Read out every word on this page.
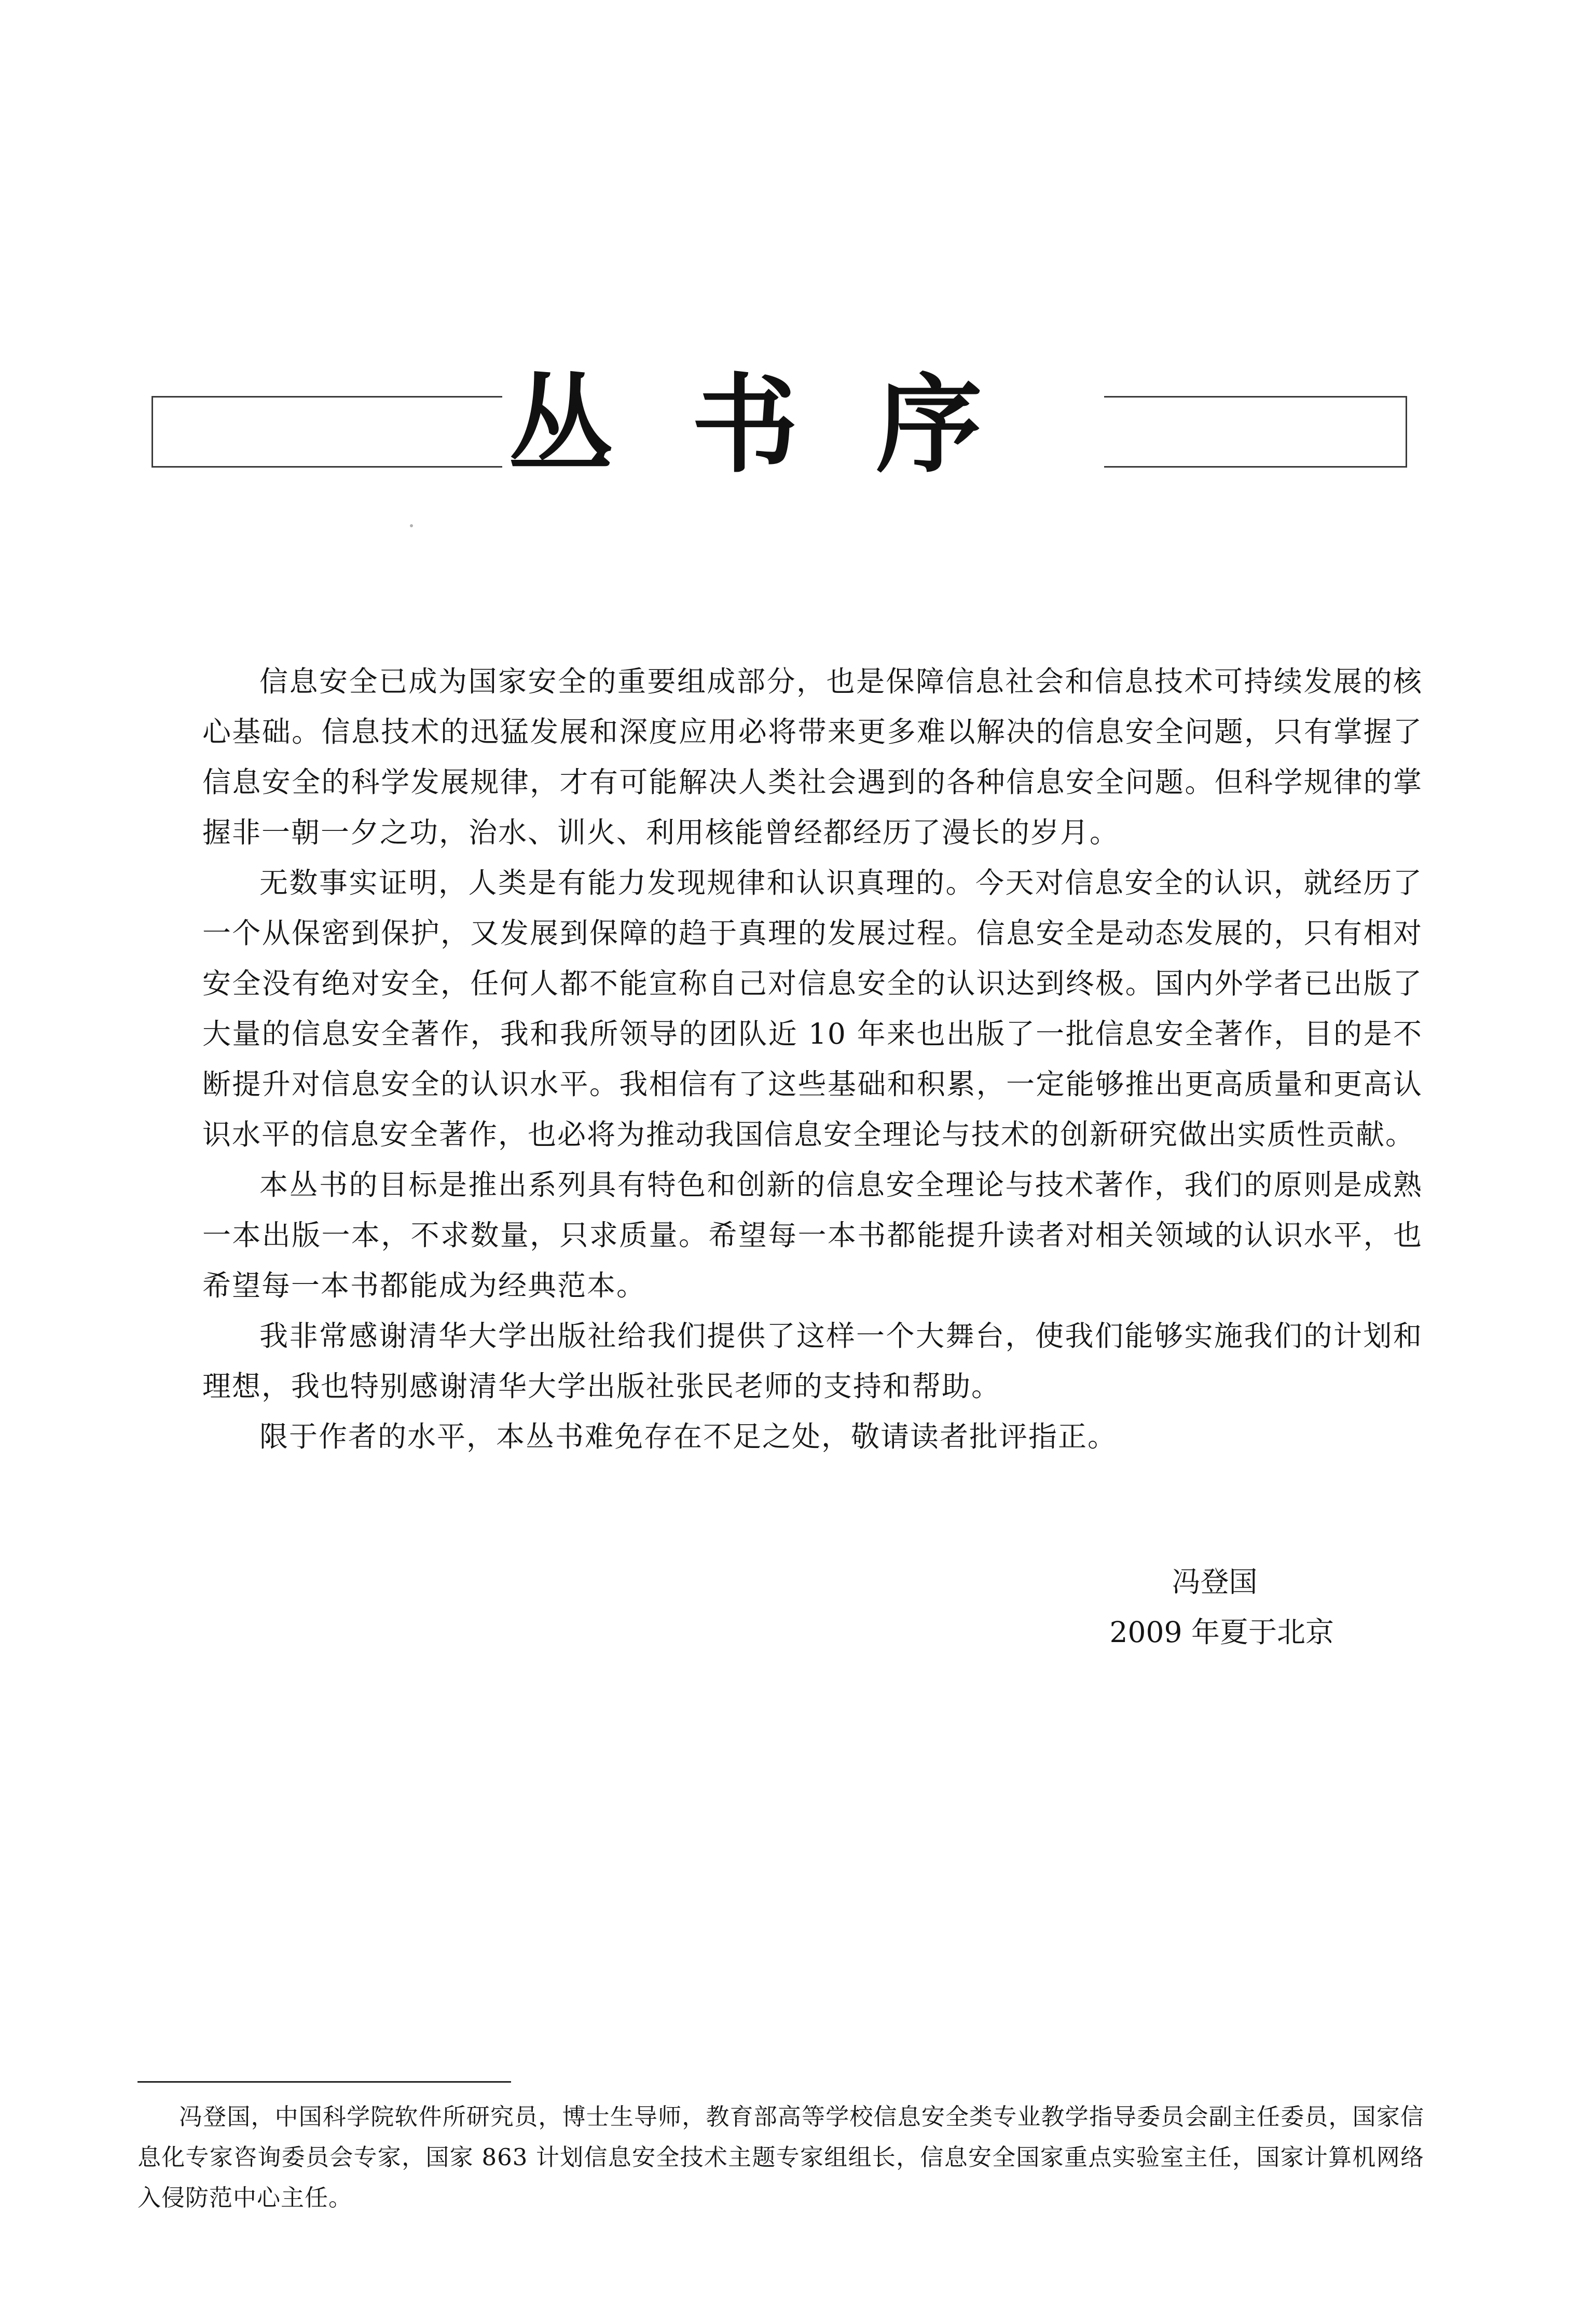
丛书序

信息安全已成为国家安全的重要组成部分，也是保障信息社会和信息技术可持续发展的核心基础。信息技术的迅猛发展和深度应用必将带来更多难以解决的信息安全问题，只有掌握了信息安全的科学发展规律，才有可能解决人类社会遇到的各种信息安全问题。但科学规律的掌握非一朝一夕之功，治水、训火、利用核能曾经都经历了漫长的岁月。

无数事实证明，人类是有能力发现规律和认识真理的。今天对信息安全的认识，就经历了一个从保密到保护，又发展到保障的趋于真理的发展过程。信息安全是动态发展的，只有相对安全没有绝对安全，任何人都不能宣称自己对信息安全的认识达到终极。国内外学者已出版了大量的信息安全著作，我和我所领导的团队近 10 年来也出版了一批信息安全著作，目的是不断提升对信息安全的认识水平。我相信有了这些基础和积累，一定能够推出更高质量和更高认识水平的信息安全著作，也必将为推动我国信息安全理论与技术的创新研究做出实质性贡献。

本丛书的目标是推出系列具有特色和创新的信息安全理论与技术著作，我们的原则是成熟一本出版一本，不求数量，只求质量。希望每一本书都能提升读者对相关领域的认识水平，也希望每一本书都能成为经典范本。

我非常感谢清华大学出版社给我们提供了这样一个大舞台，使我们能够实施我们的计划和理想，我也特别感谢清华大学出版社张民老师的支持和帮助。

限于作者的水平，本丛书难免存在不足之处，敬请读者批评指正。

冯登国
2009 年夏于北京
冯登国，中国科学院软件所研究员，博士生导师，教育部高等学校信息安全类专业教学指导委员会副主任委员，国家信息化专家咨询委员会专家，国家 863 计划信息安全技术主题专家组组长，信息安全国家重点实验室主任，国家计算机网络入侵防范中心主任。
